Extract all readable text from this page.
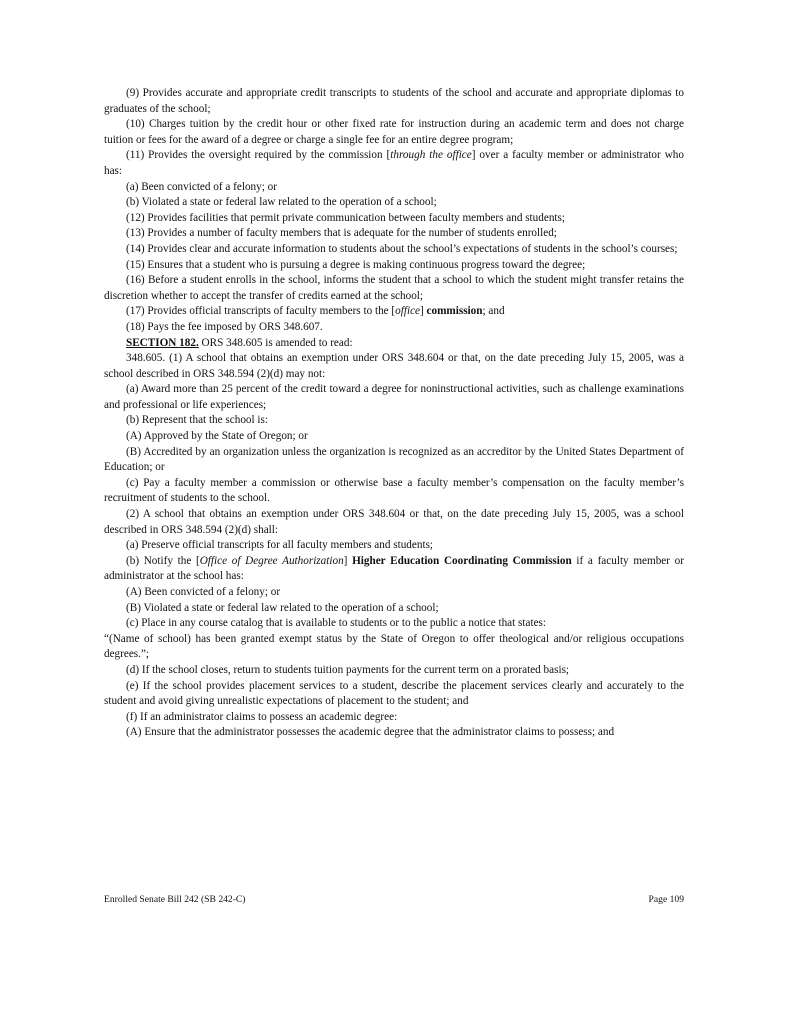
(9) Provides accurate and appropriate credit transcripts to students of the school and accurate and appropriate diplomas to graduates of the school;

(10) Charges tuition by the credit hour or other fixed rate for instruction during an academic term and does not charge tuition or fees for the award of a degree or charge a single fee for an entire degree program;

(11) Provides the oversight required by the commission [through the office] over a faculty member or administrator who has:

(a) Been convicted of a felony; or

(b) Violated a state or federal law related to the operation of a school;

(12) Provides facilities that permit private communication between faculty members and students;

(13) Provides a number of faculty members that is adequate for the number of students enrolled;

(14) Provides clear and accurate information to students about the school’s expectations of students in the school’s courses;

(15) Ensures that a student who is pursuing a degree is making continuous progress toward the degree;

(16) Before a student enrolls in the school, informs the student that a school to which the student might transfer retains the discretion whether to accept the transfer of credits earned at the school;

(17) Provides official transcripts of faculty members to the [office] commission; and

(18) Pays the fee imposed by ORS 348.607.

SECTION 182. ORS 348.605 is amended to read:

348.605. (1) A school that obtains an exemption under ORS 348.604 or that, on the date preceding July 15, 2005, was a school described in ORS 348.594 (2)(d) may not:

(a) Award more than 25 percent of the credit toward a degree for noninstructional activities, such as challenge examinations and professional or life experiences;

(b) Represent that the school is:

(A) Approved by the State of Oregon; or

(B) Accredited by an organization unless the organization is recognized as an accreditor by the United States Department of Education; or

(c) Pay a faculty member a commission or otherwise base a faculty member’s compensation on the faculty member’s recruitment of students to the school.

(2) A school that obtains an exemption under ORS 348.604 or that, on the date preceding July 15, 2005, was a school described in ORS 348.594 (2)(d) shall:

(a) Preserve official transcripts for all faculty members and students;

(b) Notify the [Office of Degree Authorization] Higher Education Coordinating Commission if a faculty member or administrator at the school has:

(A) Been convicted of a felony; or

(B) Violated a state or federal law related to the operation of a school;

(c) Place in any course catalog that is available to students or to the public a notice that states:

“(Name of school) has been granted exempt status by the State of Oregon to offer theological and/or religious occupations degrees.”;

(d) If the school closes, return to students tuition payments for the current term on a prorated basis;

(e) If the school provides placement services to a student, describe the placement services clearly and accurately to the student and avoid giving unrealistic expectations of placement to the student; and

(f) If an administrator claims to possess an academic degree:

(A) Ensure that the administrator possesses the academic degree that the administrator claims to possess; and

Enrolled Senate Bill 242 (SB 242-C)	Page 109
